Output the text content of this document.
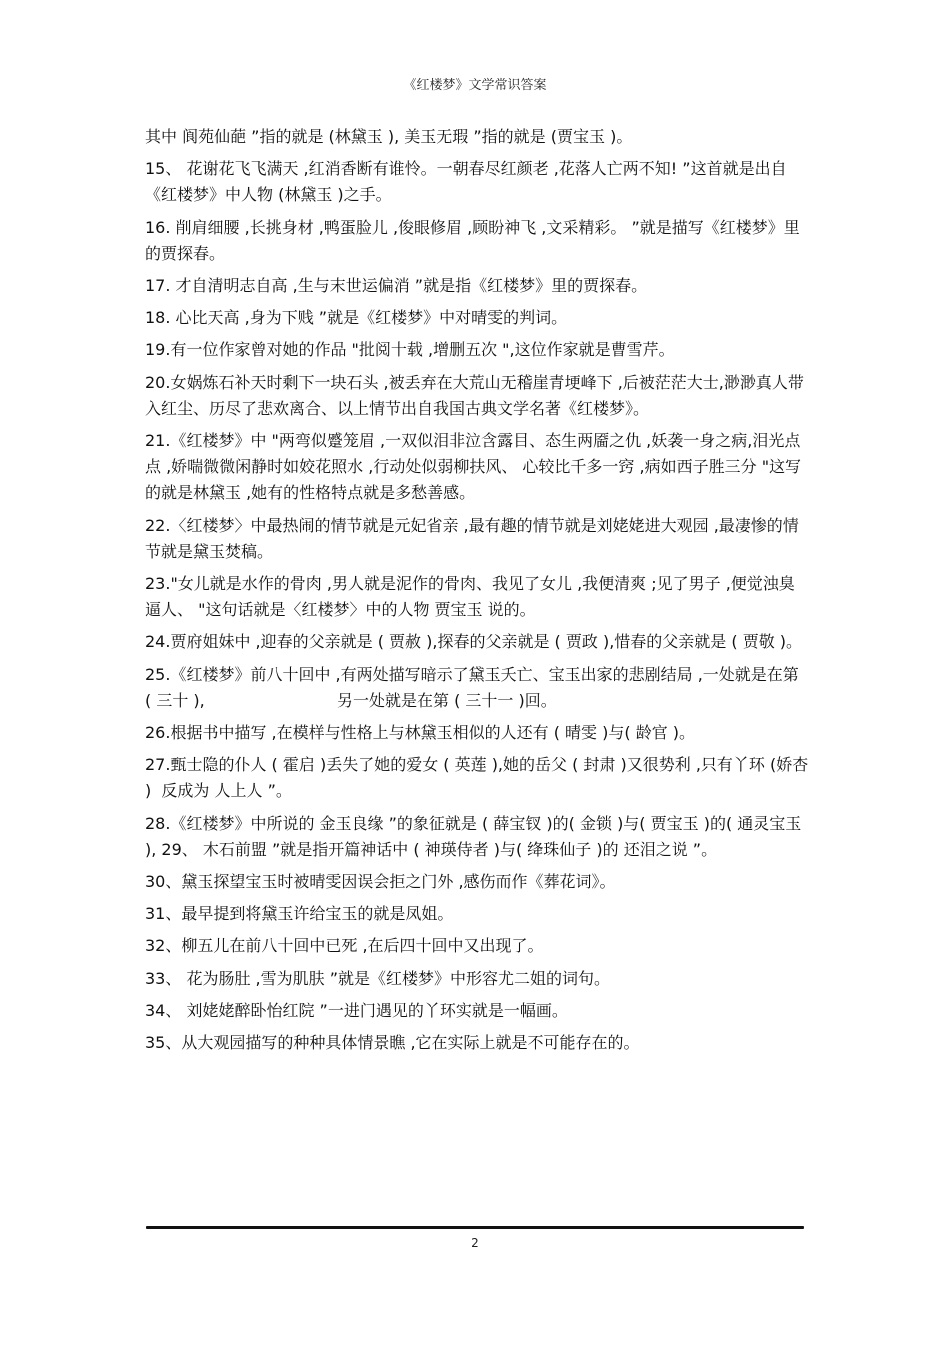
《红楼梦》文学常识答案

其中 阆苑仙葩 ”指的就是 (林黛玉 ), 美玉无瑕 ”指的就是 (贾宝玉 )。

15、 花谢花飞飞满天 ,红消香断有谁怜。一朝春尽红颜老 ,花落人亡两不知! ”这首就是出自《红楼梦》中人物 (林黛玉 )之手。

16. 削肩细腰 ,长挑身材 ,鸭蛋脸儿 ,俊眼修眉 ,顾盼神飞 ,文采精彩。 ”就是描写《红楼梦》里的贾探春。

17. 才自清明志自高 ,生与末世运偏消 ”就是指《红楼梦》里的贾探春。

18. 心比天高 ,身为下贱 ”就是《红楼梦》中对晴雯的判词。

19.有一位作家曾对她的作品 "批阅十载 ,增删五次 ",这位作家就是曹雪芹。

20.女娲炼石补天时剩下一块石头 ,被丢弃在大荒山无稽崖青埂峰下 ,后被茫茫大士,渺渺真人带入红尘、历尽了悲欢离合、以上情节出自我国古典文学名著《红楼梦》。

21.《红楼梦》中 "两弯似蹙笼眉 ,一双似泪非泣含露目、态生两靥之仇 ,妖袭一身之病,泪光点点 ,娇喘微微闲静时如姣花照水 ,行动处似弱柳扶风、 心较比千多一窍 ,病如西子胜三分 "这写的就是林黛玉 ,她有的性格特点就是多愁善感。

22.〈红楼梦〉中最热闹的情节就是元妃省亲 ,最有趣的情节就是刘姥姥进大观园 ,最凄惨的情节就是黛玉焚稿。

23."女儿就是水作的骨肉 ,男人就是泥作的骨肉、我见了女儿 ,我便清爽 ;见了男子 ,便觉浊臭逼人、 "这句话就是〈红楼梦〉中的人物 贾宝玉 说的。

24.贾府姐妹中 ,迎春的父亲就是 ( 贾赦 ),探春的父亲就是 ( 贾政 ),惜春的父亲就是 ( 贾敬 )。

25.《红楼梦》前八十回中 ,有两处描写暗示了黛玉夭亡、宝玉出家的悲剧结局 ,一处就是在第 ( 三十 ),                          另一处就是在第 ( 三十一 )回。

26.根据书中描写 ,在模样与性格上与林黛玉相似的人还有 ( 晴雯 )与( 龄官 )。

27.甄士隐的仆人 ( 霍启 )丢失了她的爱女 ( 英莲 ),她的岳父 ( 封肃 )又很势利 ,只有丫环 (娇杏 )  反成为 人上人 ”。

28.《红楼梦》中所说的 金玉良缘 ”的象征就是 ( 薛宝钗 )的( 金锁 )与( 贾宝玉 )的( 通灵宝玉 ), 29、 木石前盟 ”就是指开篇神话中 ( 神瑛侍者 )与( 绛珠仙子 )的 还泪之说 ”。

30、黛玉探望宝玉时被晴雯因误会拒之门外 ,感伤而作《葬花词》。

31、最早提到将黛玉许给宝玉的就是凤姐。

32、柳五儿在前八十回中已死 ,在后四十回中又出现了。

33、 花为肠肚 ,雪为肌肤 ”就是《红楼梦》中形容尤二姐的词句。

34、 刘姥姥醉卧怡红院 ”一进门遇见的丫环实就是一幅画。

35、从大观园描写的种种具体情景瞧 ,它在实际上就是不可能存在的。

2
